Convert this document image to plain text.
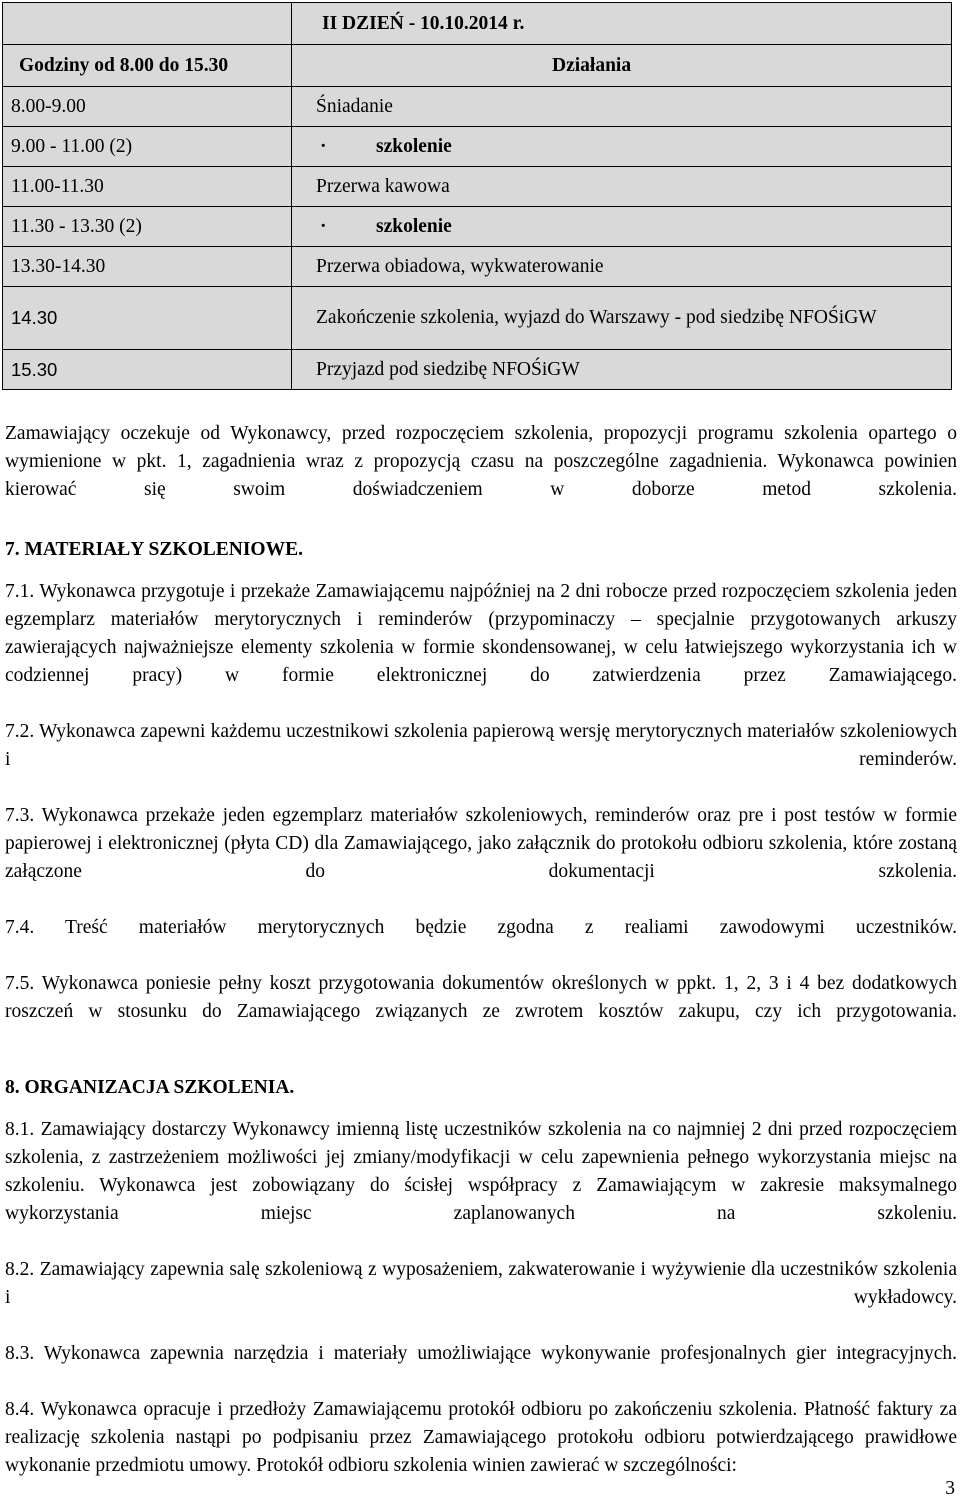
	II DZIEŃ - 10.10.2014 r.
Godziny od 8.00 do 15.30	Działania
8.00-9.00	Śniadanie
9.00 - 11.00 (2)	·szkolenie
11.00-11.30	Przerwa kawowa
11.30 - 13.30 (2)	·szkolenie
13.30-14.30	Przerwa obiadowa, wykwaterowanie
14.30	Zakończenie szkolenia, wyjazd do Warszawy - pod siedzibę NFOŚiGW
15.30	Przyjazd pod siedzibę NFOŚiGW

Zamawiający oczekuje od Wykonawcy, przed rozpoczęciem szkolenia, propozycji programu szkolenia opartego o wymienione w pkt. 1, zagadnienia wraz z propozycją czasu na poszczególne zagadnienia. Wykonawca powinien kierować się swoim doświadczeniem w doborze metod szkolenia.

7. MATERIAŁY SZKOLENIOWE.

7.1. Wykonawca przygotuje i przekaże Zamawiającemu najpóźniej na 2 dni robocze przed rozpoczęciem szkolenia jeden egzemplarz materiałów merytorycznych i reminderów (przypominaczy – specjalnie przygotowanych arkuszy zawierających najważniejsze elementy szkolenia w formie skondensowanej, w celu łatwiejszego wykorzystania ich w codziennej pracy) w formie elektronicznej do zatwierdzenia przez Zamawiającego.

7.2. Wykonawca zapewni każdemu uczestnikowi szkolenia papierową wersję merytorycznych materiałów szkoleniowych i reminderów.

7.3. Wykonawca przekaże jeden egzemplarz materiałów szkoleniowych, reminderów oraz pre i post testów w formie papierowej i elektronicznej (płyta CD) dla Zamawiającego, jako załącznik do protokołu odbioru szkolenia, które zostaną załączone do dokumentacji szkolenia.

7.4. Treść materiałów merytorycznych będzie zgodna z realiami zawodowymi uczestników.

7.5. Wykonawca poniesie pełny koszt przygotowania dokumentów określonych w ppkt. 1, 2, 3 i 4 bez dodatkowych roszczeń w stosunku do Zamawiającego związanych ze zwrotem kosztów zakupu, czy ich przygotowania.

8. ORGANIZACJA SZKOLENIA.

8.1. Zamawiający dostarczy Wykonawcy imienną listę uczestników szkolenia na co najmniej 2 dni przed rozpoczęciem szkolenia, z zastrzeżeniem możliwości jej zmiany/modyfikacji w celu zapewnienia pełnego wykorzystania miejsc na szkoleniu. Wykonawca jest zobowiązany do ścisłej współpracy z Zamawiającym w zakresie maksymalnego wykorzystania miejsc zaplanowanych na szkoleniu.

8.2. Zamawiający zapewnia salę szkoleniową z wyposażeniem, zakwaterowanie i wyżywienie dla uczestników szkolenia i wykładowcy.

8.3. Wykonawca zapewnia narzędzia i materiały umożliwiające wykonywanie profesjonalnych gier integracyjnych.

8.4. Wykonawca opracuje i przedłoży Zamawiającemu protokół odbioru po zakończeniu szkolenia. Płatność faktury za realizację szkolenia nastąpi po podpisaniu przez Zamawiającego protokołu odbioru potwierdzającego prawidłowe wykonanie przedmiotu umowy. Protokół odbioru szkolenia winien zawierać w szczególności:

3
